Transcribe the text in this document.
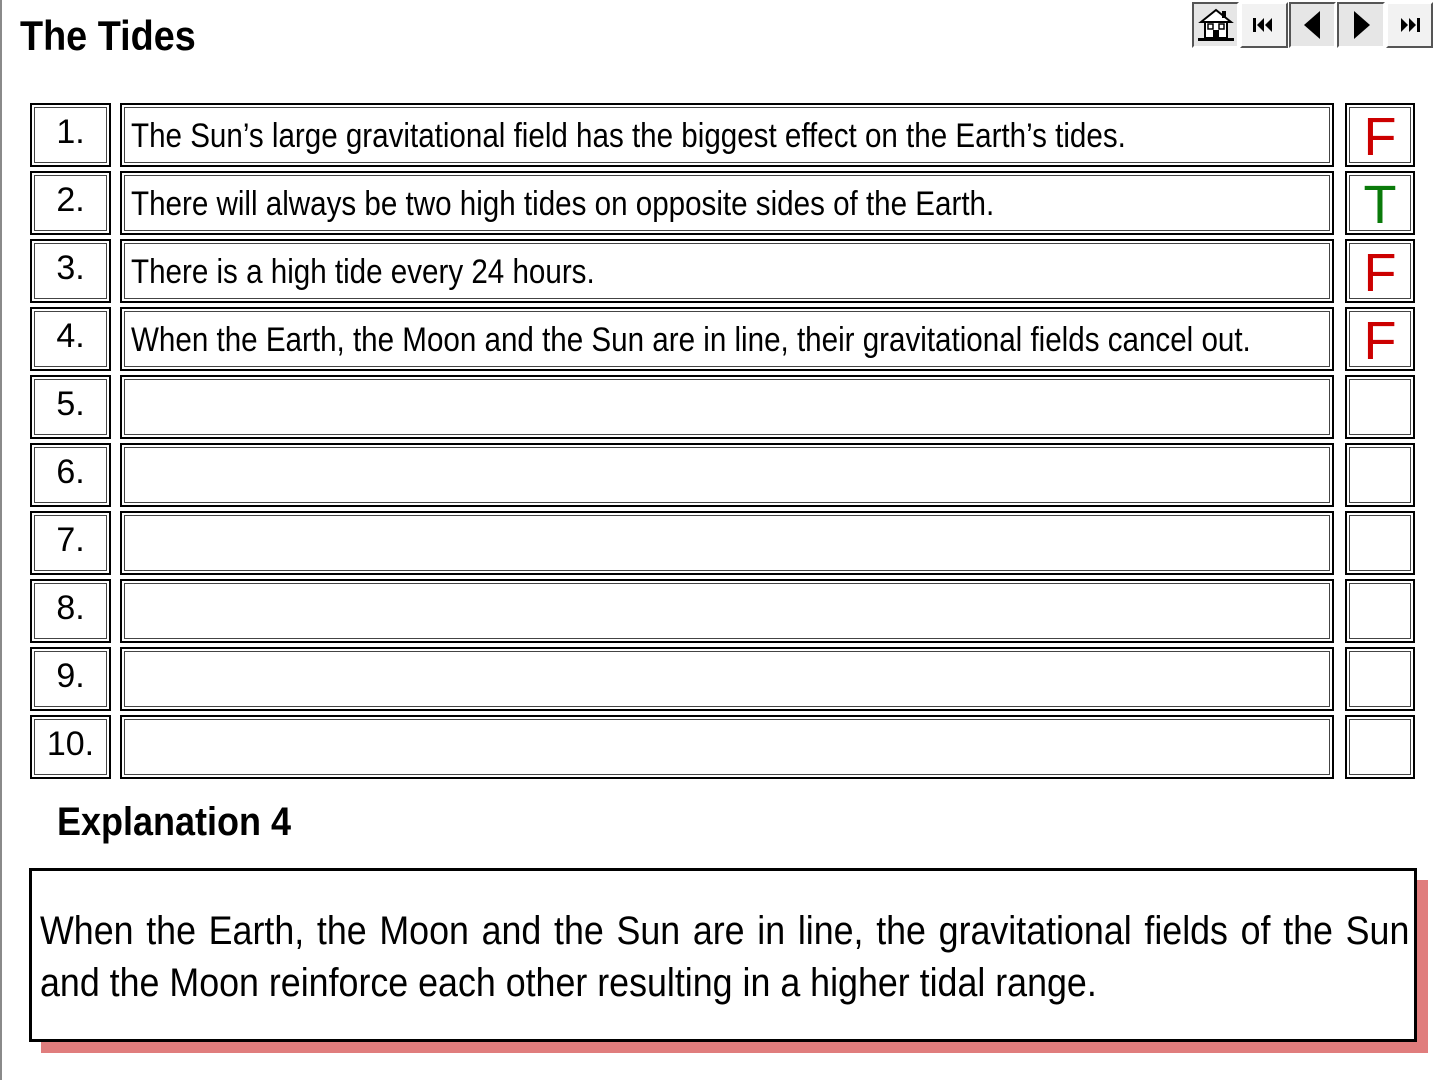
The Tides
1.	The Sun’s large gravitational field has the biggest effect on the Earth’s tides.	F
2.	There will always be two high tides on opposite sides of the Earth.	T
3.	There is a high tide every 24 hours.	F
4.	When the Earth, the Moon and the Sun are in line, their gravitational fields cancel out.	F
5.
6.
7.
8.
9.
10.
Explanation 4
When the Earth, the Moon and the Sun are in line, the gravitational fields of the Sun and the Moon reinforce each other resulting in a higher tidal range.
